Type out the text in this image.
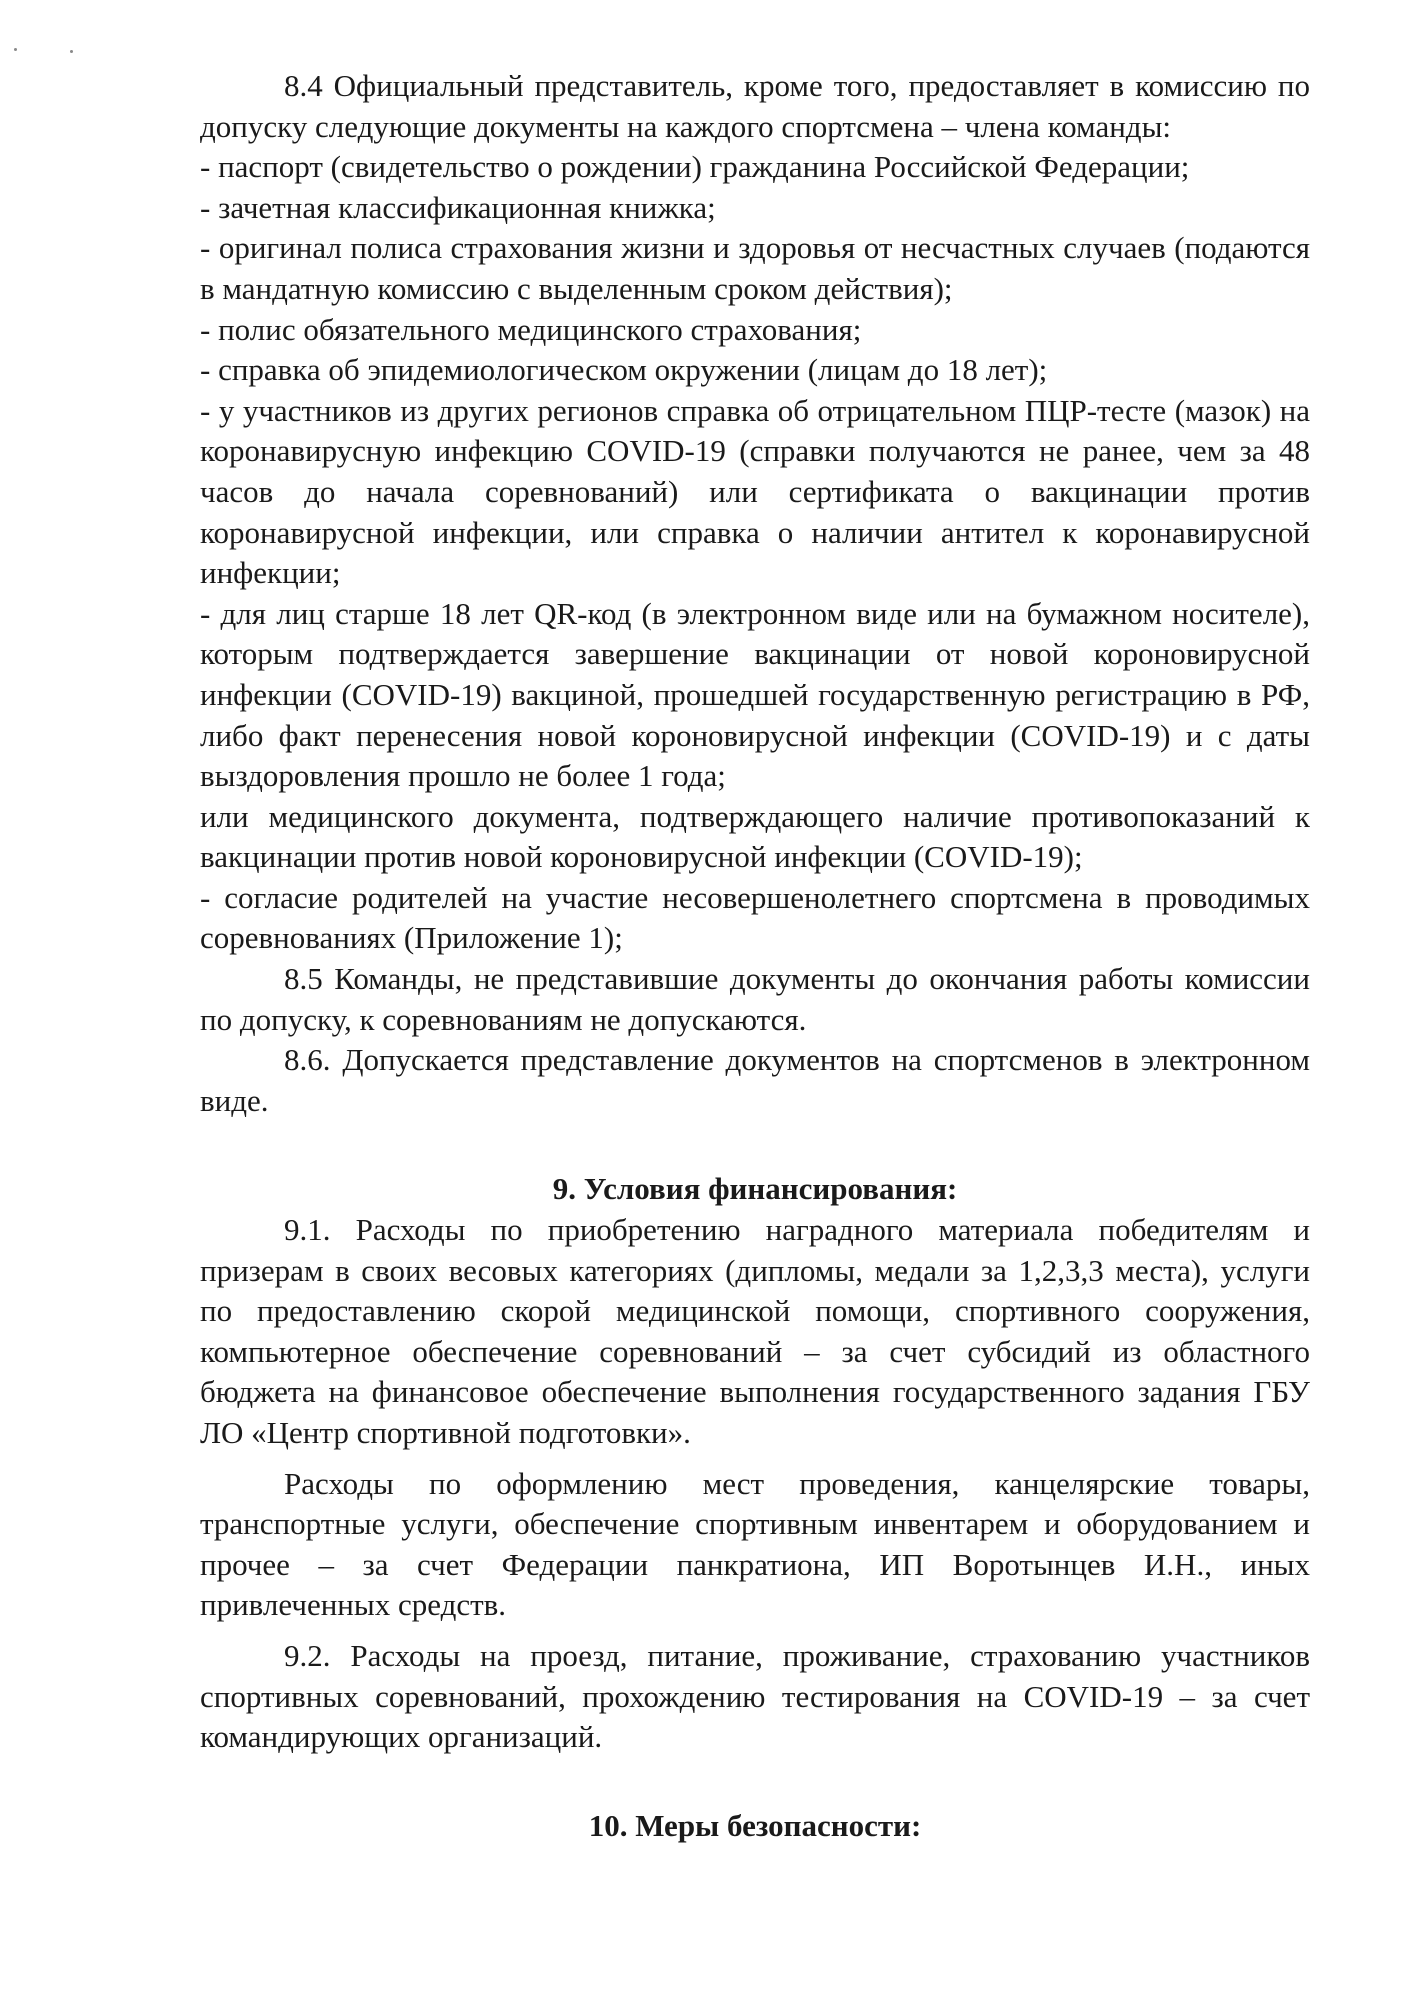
8.4 Официальный представитель, кроме того, предоставляет в комиссию по допуску следующие документы на каждого спортсмена – члена команды:

- паспорт (свидетельство о рождении) гражданина Российской Федерации;

- зачетная классификационная книжка;

- оригинал полиса страхования жизни и здоровья от несчастных случаев (подаются в мандатную комиссию с выделенным сроком действия);

- полис обязательного медицинского страхования;

- справка об эпидемиологическом окружении (лицам до 18 лет);

- у участников из других регионов справка об отрицательном ПЦР-тесте (мазок) на коронавирусную инфекцию COVID-19 (справки получаются не ранее, чем за 48 часов до начала соревнований) или сертификата о вакцинации против коронавирусной инфекции, или справка о наличии антител к коронавирусной инфекции;

- для лиц старше 18 лет QR-код (в электронном виде или на бумажном носителе), которым подтверждается завершение вакцинации от новой короновирусной инфекции (COVID-19) вакциной, прошедшей государственную регистрацию в РФ, либо факт перенесения новой короновирусной инфекции (COVID-19) и с даты выздоровления прошло не более 1 года;

или медицинского документа, подтверждающего наличие противопоказаний к вакцинации против новой короновирусной инфекции (COVID-19);

- согласие родителей на участие несовершенолетнего спортсмена в проводимых соревнованиях (Приложение 1);

8.5 Команды, не представившие документы до окончания работы комиссии по допуску, к соревнованиям не допускаются.

8.6. Допускается представление документов на спортсменов в электронном виде.

9. Условия финансирования:

9.1. Расходы по приобретению наградного материала победителям и призерам в своих весовых категориях (дипломы, медали за 1,2,3,3 места), услуги по предоставлению скорой медицинской помощи, спортивного сооружения, компьютерное обеспечение соревнований – за счет субсидий из областного бюджета на финансовое обеспечение выполнения государственного задания ГБУ ЛО «Центр спортивной подготовки».

Расходы по оформлению мест проведения, канцелярские товары, транспортные услуги, обеспечение спортивным инвентарем и оборудованием и прочее – за счет Федерации панкратиона, ИП Воротынцев И.Н., иных привлеченных средств.

9.2. Расходы на проезд, питание, проживание, страхованию участников спортивных соревнований, прохождению тестирования на COVID-19 – за счет командирующих организаций.

10. Меры безопасности:
